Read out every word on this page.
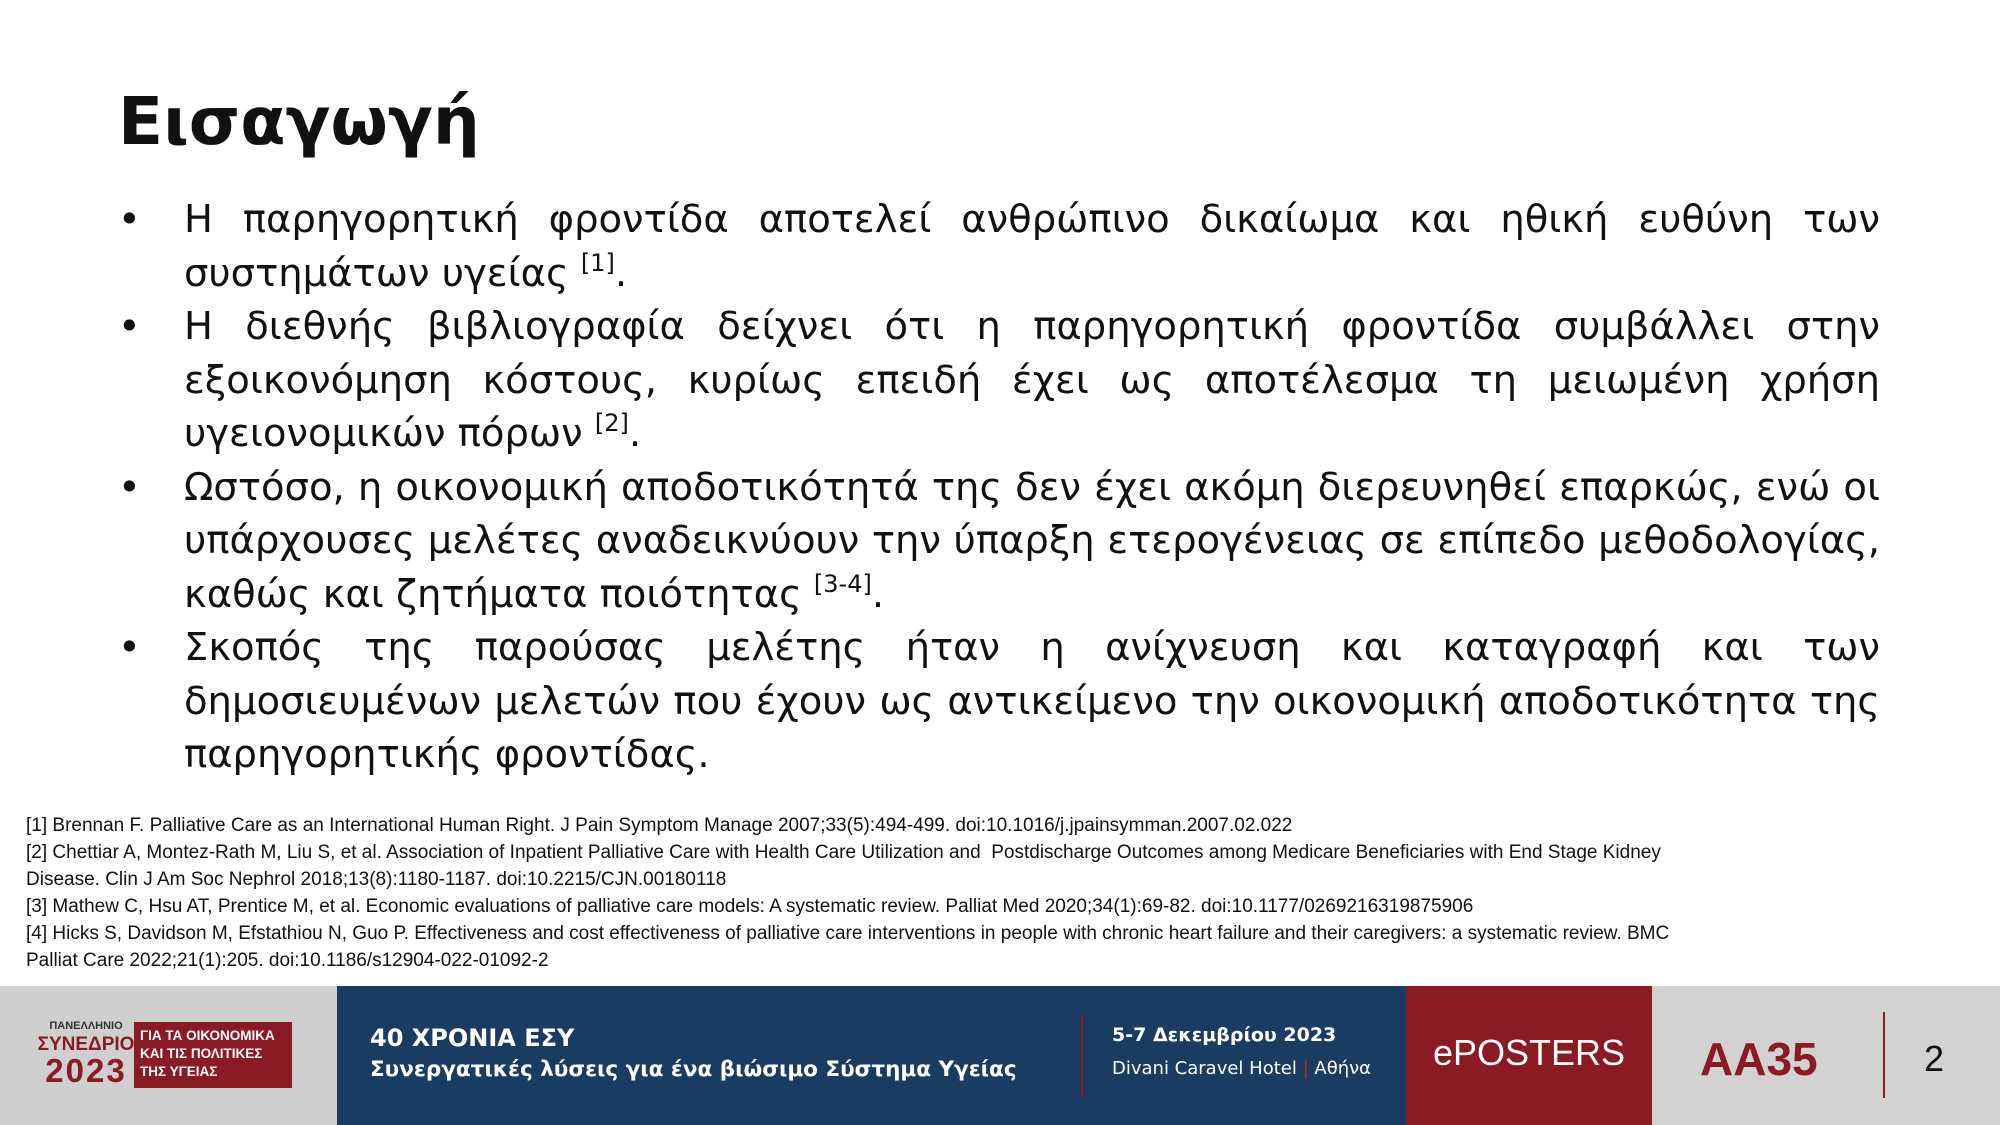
Εισαγωγή
• Η παρηγορητική φροντίδα αποτελεί ανθρώπινο δικαίωμα και ηθική ευθύνη των συστημάτων υγείας [1].
• Η διεθνής βιβλιογραφία δείχνει ότι η παρηγορητική φροντίδα συμβάλλει στην εξοικονόμηση κόστους, κυρίως επειδή έχει ως αποτέλεσμα τη μειωμένη χρήση υγειονομικών πόρων [2].
• Ωστόσο, η οικονομική αποδοτικότητά της δεν έχει ακόμη διερευνηθεί επαρκώς, ενώ οι υπάρχουσες μελέτες αναδεικνύουν την ύπαρξη ετερογένειας σε επίπεδο μεθοδολογίας, καθώς και ζητήματα ποιότητας [3-4].
• Σκοπός της παρούσας μελέτης ήταν η ανίχνευση και καταγραφή και των δημοσιευμένων μελετών που έχουν ως αντικείμενο την οικονομική αποδοτικότητα της παρηγορητικής φροντίδας.
[1] Brennan F. Palliative Care as an International Human Right. J Pain Symptom Manage 2007;33(5):494-499. doi:10.1016/j.jpainsymman.2007.02.022
[2] Chettiar A, Montez-Rath M, Liu S, et al. Association of Inpatient Palliative Care with Health Care Utilization and  Postdischarge Outcomes among Medicare Beneficiaries with End Stage Kidney
Disease. Clin J Am Soc Nephrol 2018;13(8):1180-1187. doi:10.2215/CJN.00180118
[3] Mathew C, Hsu AT, Prentice M, et al. Economic evaluations of palliative care models: A systematic review. Palliat Med 2020;34(1):69-82. doi:10.1177/0269216319875906
[4] Hicks S, Davidson M, Efstathiou N, Guo P. Effectiveness and cost effectiveness of palliative care interventions in people with chronic heart failure and their caregivers: a systematic review. BMC
Palliat Care 2022;21(1):205. doi:10.1186/s12904-022-01092-2
ΠΑΝΕΛΛΗΝΙΟ
ΣΥΝΕΔΡΙΟ
2023
ΓΙΑ ΤΑ ΟΙΚΟΝΟΜΙΚΑ
ΚΑΙ ΤΙΣ ΠΟΛΙΤΙΚΕΣ
ΤΗΣ ΥΓΕΙΑΣ
40 ΧΡΟΝΙΑ ΕΣΥ
Συνεργατικές λύσεις για ένα βιώσιμο Σύστημα Υγείας
5-7 Δεκεμβρίου 2023
Divani Caravel Hotel | Αθήνα	ePOSTERS	AA35	2
